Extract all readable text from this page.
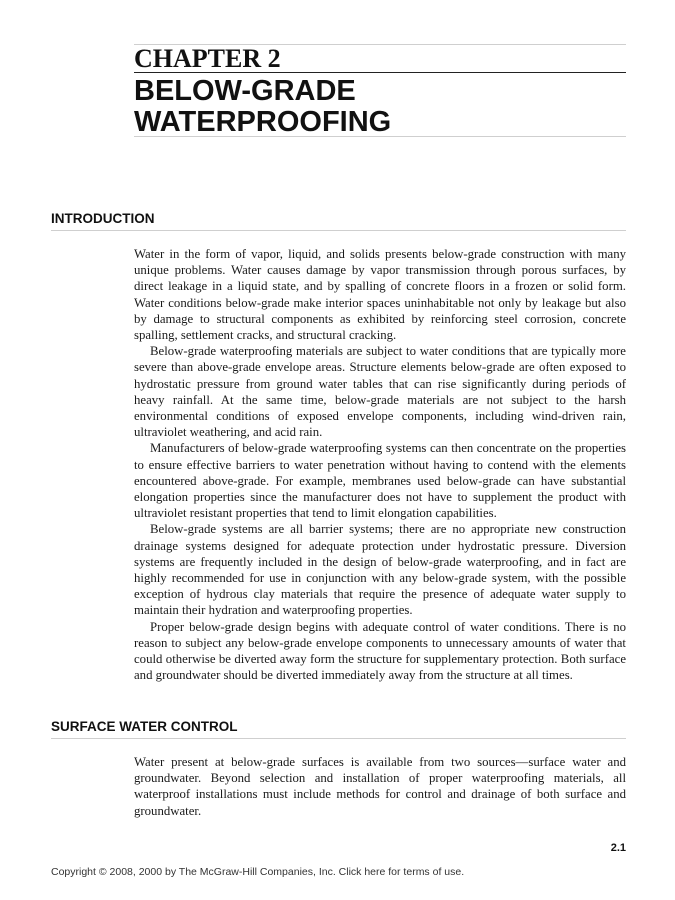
CHAPTER 2
BELOW-GRADE
WATERPROOFING
INTRODUCTION

Water in the form of vapor, liquid, and solids presents below-grade construction with many unique problems. Water causes damage by vapor transmission through porous surfaces, by direct leakage in a liquid state, and by spalling of concrete floors in a frozen or solid form. Water conditions below-grade make interior spaces uninhabitable not only by leakage but also by damage to structural components as exhibited by reinforcing steel corrosion, concrete spalling, settlement cracks, and structural cracking.

Below-grade waterproofing materials are subject to water conditions that are typically more severe than above-grade envelope areas. Structure elements below-grade are often exposed to hydrostatic pressure from ground water tables that can rise significantly during periods of heavy rainfall. At the same time, below-grade materials are not subject to the harsh environmental conditions of exposed envelope components, including wind-driven rain, ultraviolet weathering, and acid rain.

Manufacturers of below-grade waterproofing systems can then concentrate on the properties to ensure effective barriers to water penetration without having to contend with the elements encountered above-grade. For example, membranes used below-grade can have substantial elongation properties since the manufacturer does not have to supplement the product with ultraviolet resistant properties that tend to limit elongation capabilities.

Below-grade systems are all barrier systems; there are no appropriate new construction drainage systems designed for adequate protection under hydrostatic pressure. Diversion systems are frequently included in the design of below-grade waterproofing, and in fact are highly recommended for use in conjunction with any below-grade system, with the possible exception of hydrous clay materials that require the presence of adequate water supply to maintain their hydration and waterproofing properties.

Proper below-grade design begins with adequate control of water conditions. There is no reason to subject any below-grade envelope components to unnecessary amounts of water that could otherwise be diverted away form the structure for supplementary protection. Both surface and groundwater should be diverted immediately away from the structure at all times.

SURFACE WATER CONTROL

Water present at below-grade surfaces is available from two sources—surface water and groundwater. Beyond selection and installation of proper waterproofing materials, all waterproof installations must include methods for control and drainage of both surface and groundwater.

2.1
Copyright © 2008, 2000 by The McGraw-Hill Companies, Inc. Click here for terms of use.
